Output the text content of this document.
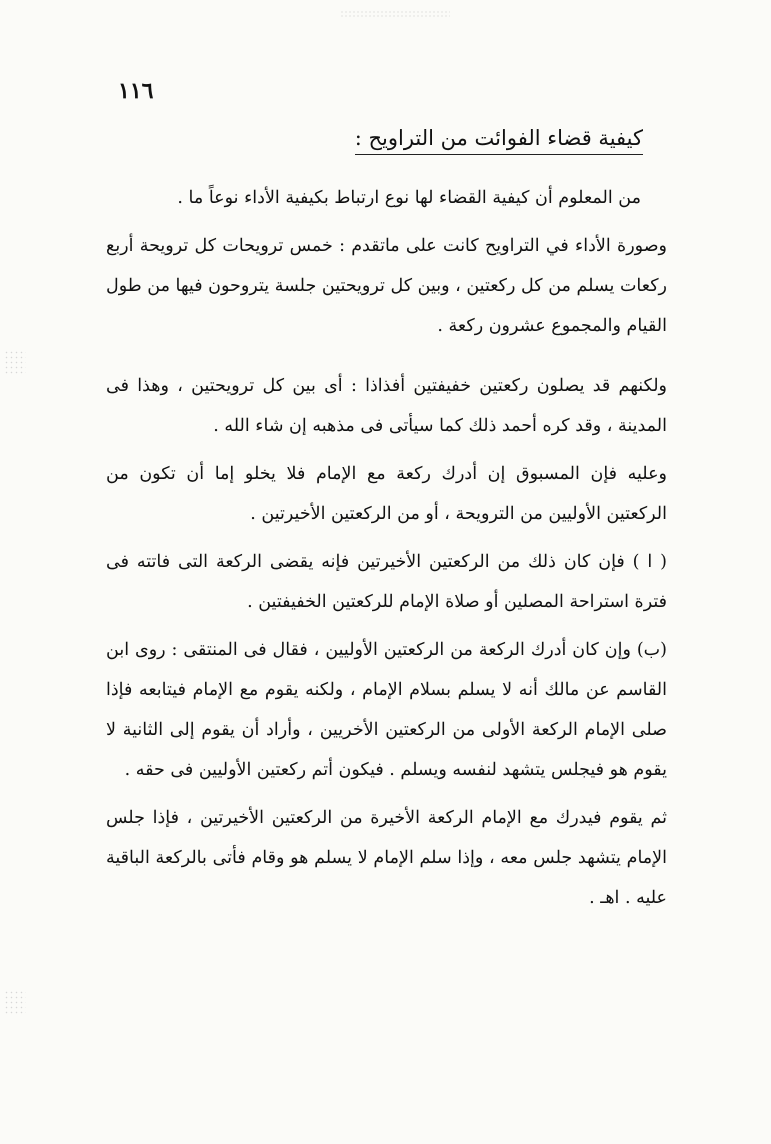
١١٦
كيفية قضاء الفوائت من التراويح :

من المعلوم أن كيفية القضاء لها نوع ارتباط بكيفية الأداء نوعاً ما .

وصورة الأداء في التراويح كانت على ماتقدم : خمس ترويحات كل ترويحة أربع ركعات يسلم من كل ركعتين ، وبين كل ترويحتين جلسة يتروحون فيها من طول القيام والمجموع عشرون ركعة .

ولكنهم قد يصلون ركعتين خفيفتين أفذاذا : أى بين كل ترويحتين ، وهذا فى المدينة ، وقد كره أحمد ذلك كما سيأتى فى مذهبه إن شاء الله .

وعليه فإن المسبوق إن أدرك ركعة مع الإمام فلا يخلو إما أن تكون من الركعتين الأوليين من الترويحة ، أو من الركعتين الأخيرتين .

( ا ) فإن كان ذلك من الركعتين الأخيرتين فإنه يقضى الركعة التى فاتته فى فترة استراحة المصلين أو صلاة الإمام للركعتين الخفيفتين .

(ب) وإن كان أدرك الركعة من الركعتين الأوليين ، فقال فى المنتقى : روى ابن القاسم عن مالك أنه لا يسلم بسلام الإمام ، ولكنه يقوم مع الإمام فيتابعه فإذا صلى الإمام الركعة الأولى من الركعتين الأخريين ، وأراد أن يقوم إلى الثانية لا يقوم هو فيجلس يتشهد لنفسه ويسلم . فيكون أتم ركعتين الأوليين فى حقه .

ثم يقوم فيدرك مع الإمام الركعة الأخيرة من الركعتين الأخيرتين ، فإذا جلس الإمام يتشهد جلس معه ، وإذا سلم الإمام لا يسلم هو وقام فأتى بالركعة الباقية عليه . اهـ .
